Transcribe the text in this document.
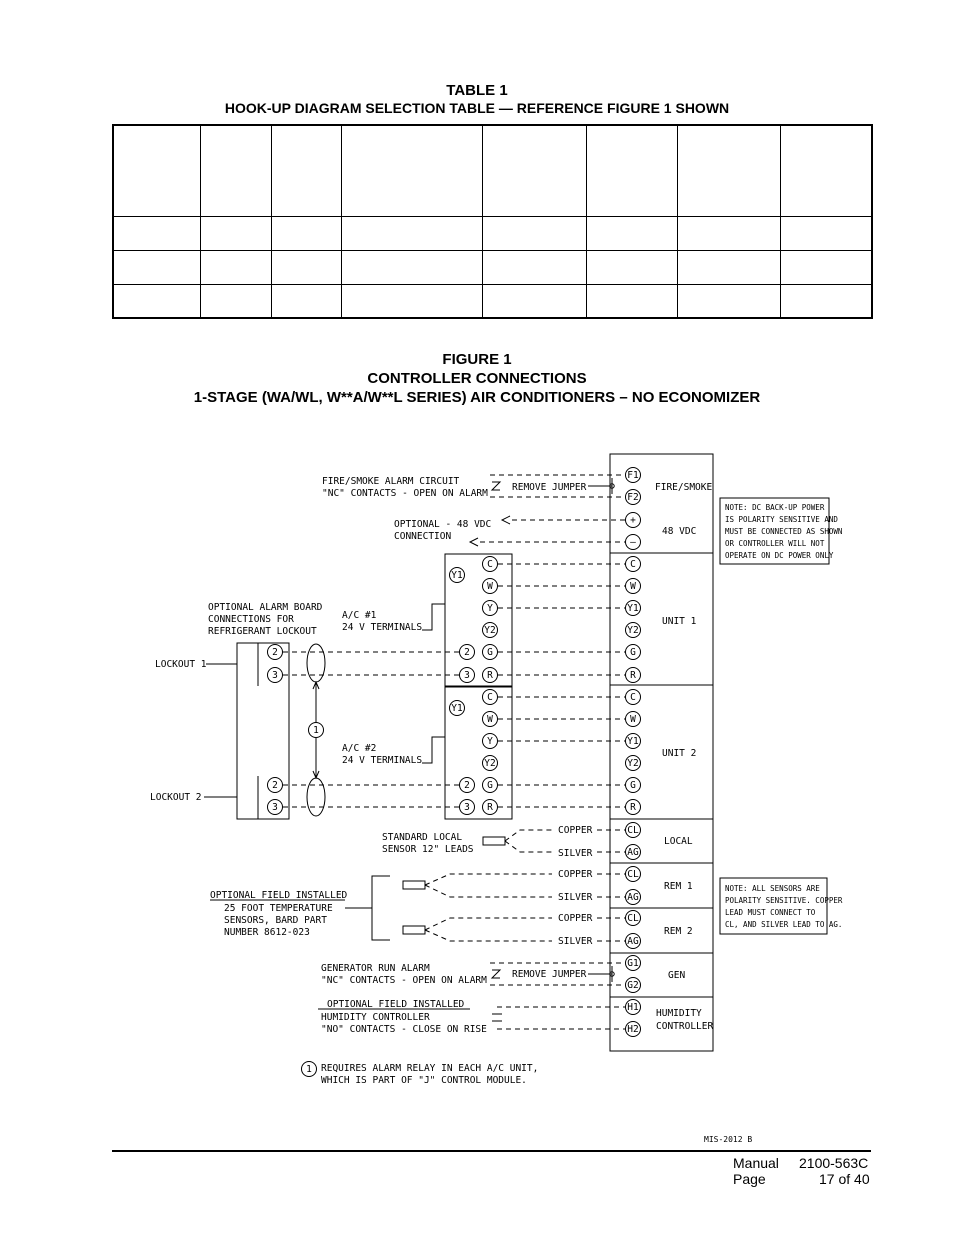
TABLE 1
HOOK-UP DIAGRAM SELECTION TABLE — REFERENCE FIGURE 1 SHOWN

FIGURE 1
CONTROLLER CONNECTIONS
1-STAGE (WA/WL, W**A/W**L SERIES) AIR CONDITIONERS – NO ECONOMIZER
F1
F2
+
–
C
W
Y1
Y2
G
R
C
W
Y1
Y2
G
R
CL
AG
CL
AG
CL
AG
G1
G2
H1
H2
FIRE/SMOKE
48 VDC
UNIT 1
UNIT 2
LOCAL
REM 1
REM 2
GEN
HUMIDITY
CONTROLLER
NOTE: DC BACK-UP POWER
IS POLARITY SENSITIVE AND
MUST BE CONNECTED AS SHOWN
OR CONTROLLER WILL NOT
OPERATE ON DC POWER ONLY
NOTE: ALL SENSORS ARE
POLARITY SENSITIVE. COPPER
LEAD MUST CONNECT TO
CL, AND SILVER LEAD TO AG.
FIRE/SMOKE ALARM CIRCUIT
"NC" CONTACTS - OPEN ON ALARM
REMOVE JUMPER
OPTIONAL - 48 VDC
CONNECTION
Y1
C
W
Y
Y2
G
R
2
3
A/C #1
24 V TERMINALS
Y1
C
W
Y
Y2
G
R
2
3
A/C #2
24 V TERMINALS
OPTIONAL ALARM BOARD
CONNECTIONS FOR
REFRIGERANT LOCKOUT
2
3
2
3
LOCKOUT 1
LOCKOUT 2
1
STANDARD LOCAL
SENSOR 12" LEADS
COPPER
SILVER
OPTIONAL FIELD INSTALLED
25 FOOT TEMPERATURE
SENSORS, BARD PART
NUMBER 8612-023
COPPER
SILVER
COPPER
SILVER
GENERATOR RUN ALARM
"NC" CONTACTS - OPEN ON ALARM
REMOVE JUMPER
OPTIONAL FIELD INSTALLED
HUMIDITY CONTROLLER
"NO" CONTACTS - CLOSE ON RISE
1 REQUIRES ALARM RELAY IN EACH A/C UNIT,
WHICH IS PART OF "J" CONTROL MODULE.
MIS-2012 B
Manual 2100-563C
Page	17 of 40
